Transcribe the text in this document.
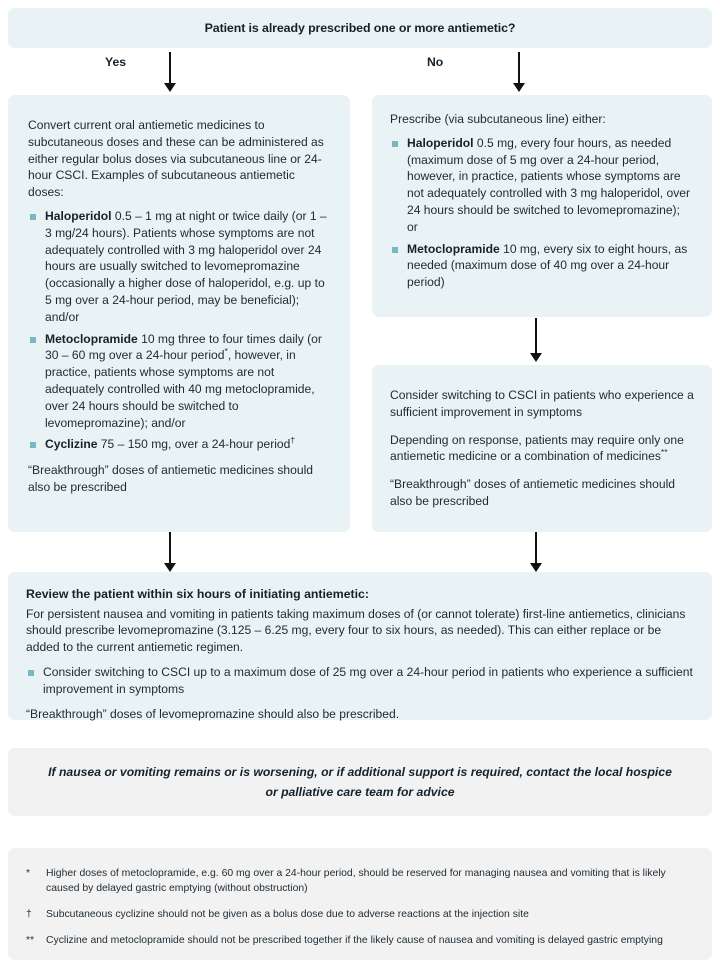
Patient is already prescribed one or more antiemetic?
Yes	No

Convert current oral antiemetic medicines to subcutaneous doses and these can be administered as either regular bolus doses via subcutaneous line or 24-hour CSCI. Examples of subcutaneous antiemetic doses:

Haloperidol 0.5 – 1 mg at night or twice daily (or 1 – 3 mg/24 hours). Patients whose symptoms are not adequately controlled with 3 mg haloperidol over 24 hours are usually switched to levomepromazine (occasionally a higher dose of haloperidol, e.g. up to 5 mg over a 24-hour period, may be beneficial); and/or
Metoclopramide 10 mg three to four times daily (or 30 – 60 mg over a 24-hour period*, however, in practice, patients whose symptoms are not adequately controlled with 40 mg metoclopramide, over 24 hours should be switched to levomepromazine); and/or
Cyclizine 75 – 150 mg, over a 24-hour period†

“Breakthrough” doses of antiemetic medicines should also be prescribed

Prescribe (via subcutaneous line) either:

Haloperidol 0.5 mg, every four hours, as needed (maximum dose of 5 mg over a 24-hour period, however, in practice, patients whose symptoms are not adequately controlled with 3 mg haloperidol, over 24 hours should be switched to levomepromazine); or
Metoclopramide 10 mg, every six to eight hours, as needed (maximum dose of 40 mg over a 24-hour period)

Consider switching to CSCI in patients who experience a sufficient improvement in symptoms

Depending on response, patients may require only one antiemetic medicine or a combination of medicines**

“Breakthrough” doses of antiemetic medicines should also be prescribed

Review the patient within six hours of initiating antiemetic:

For persistent nausea and vomiting in patients taking maximum doses of (or cannot tolerate) first-line antiemetics, clinicians should prescribe levomepromazine (3.125 – 6.25 mg, every four to six hours, as needed). This can either replace or be added to the current antiemetic regimen.

Consider switching to CSCI up to a maximum dose of 25 mg over a 24-hour period in patients who experience a sufficient improvement in symptoms

“Breakthrough” doses of levomepromazine should also be prescribed.

If nausea or vomiting remains or is worsening, or if additional support is required, contact the local hospice or palliative care team for advice
*	Higher doses of metoclopramide, e.g. 60 mg over a 24-hour period, should be reserved for managing nausea and vomiting that is likely caused by delayed gastric emptying (without obstruction)
†	Subcutaneous cyclizine should not be given as a bolus dose due to adverse reactions at the injection site
**	Cyclizine and metoclopramide should not be prescribed together if the likely cause of nausea and vomiting is delayed gastric emptying
